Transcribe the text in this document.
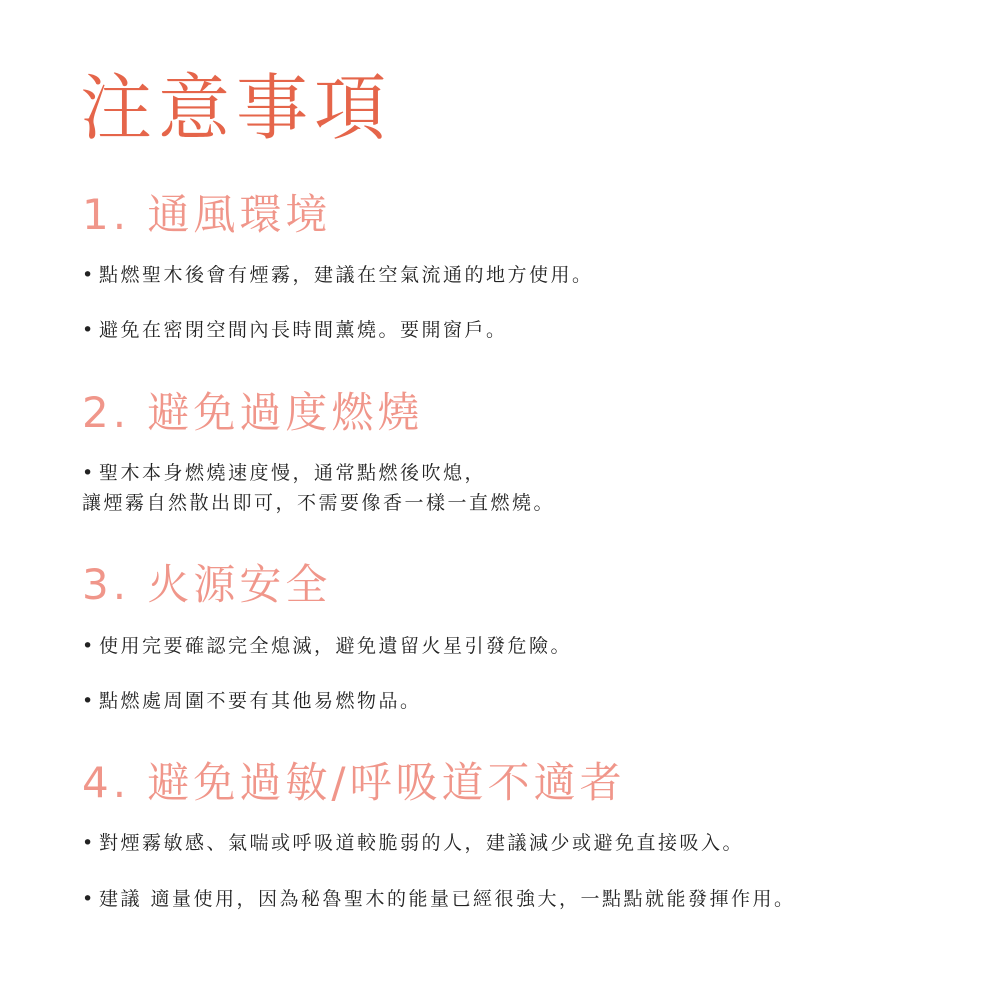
注意事項
1. 通風環境

• 點燃聖木後會有煙霧，建議在空氣流通的地方使用。

• 避免在密閉空間內長時間薰燒。要開窗戶。

2. 避免過度燃燒

• 聖木本身燃燒速度慢，通常點燃後吹熄，

讓煙霧自然散出即可，不需要像香一樣一直燃燒。

3. 火源安全

• 使用完要確認完全熄滅，避免遺留火星引發危險。

• 點燃處周圍不要有其他易燃物品。

4. 避免過敏/呼吸道不適者

• 對煙霧敏感、氣喘或呼吸道較脆弱的人，建議減少或避免直接吸入。

• 建議 適量使用，因為秘魯聖木的能量已經很強大，一點點就能發揮作用。
